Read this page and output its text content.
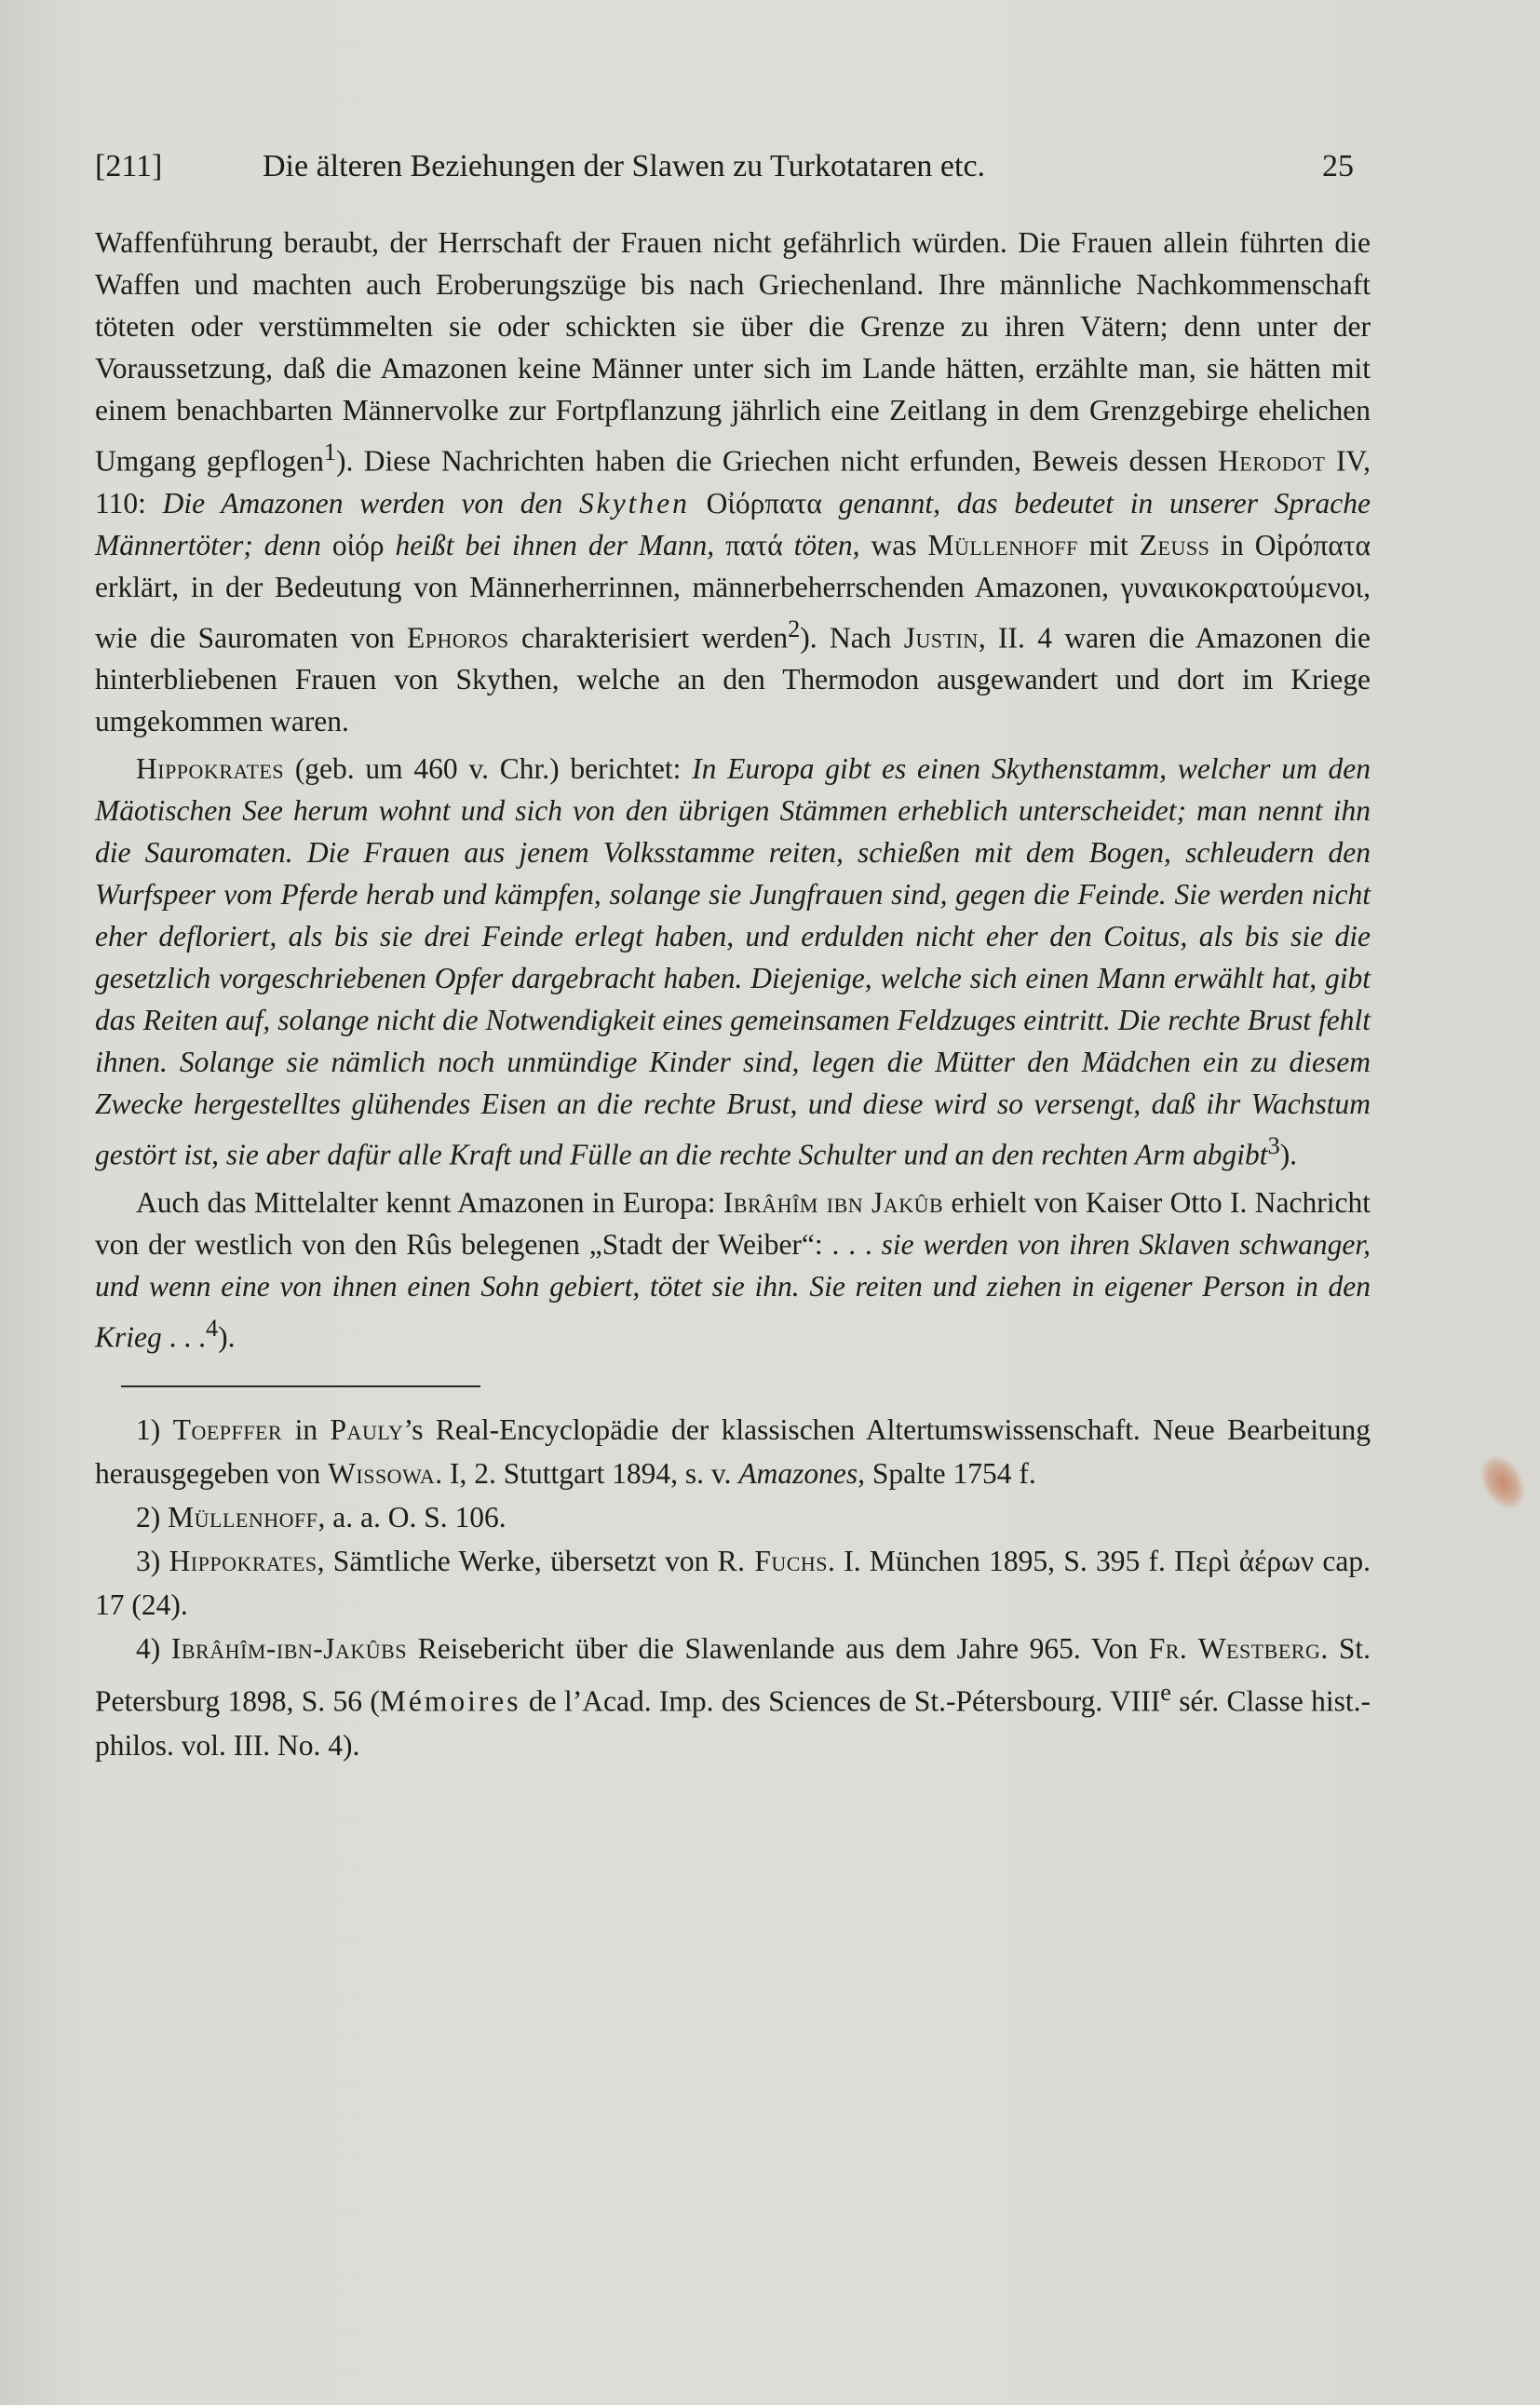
[211]	Die älteren Beziehungen der Slawen zu Turkotataren etc.	25

Waffenführung beraubt, der Herrschaft der Frauen nicht gefährlich würden. Die Frauen allein führten die Waffen und machten auch Eroberungszüge bis nach Griechenland. Ihre männliche Nachkommenschaft töteten oder verstümmelten sie oder schickten sie über die Grenze zu ihren Vätern; denn unter der Voraussetzung, daß die Amazonen keine Männer unter sich im Lande hätten, erzählte man, sie hätten mit einem benachbarten Männervolke zur Fortpflanzung jährlich eine Zeitlang in dem Grenzgebirge ehelichen Umgang gepflogen$^1$). Diese Nachrichten haben die Griechen nicht erfunden, Beweis dessen Herodot IV, 110: Die Amazonen werden von den Skythen Οἰόρπατα genannt, das bedeutet in unserer Sprache Männertöter; denn οἰόρ heißt bei ihnen der Mann, πατά töten, was Müllenhoff mit Zeuss in Οἰρόπατα erklärt, in der Bedeutung von Männerherrinnen, männerbeherrschenden Amazonen, γυναικοκρατούμενοι, wie die Sauromaten von Ephoros charakterisiert werden$^2$). Nach Justin, II. 4 waren die Amazonen die hinterbliebenen Frauen von Skythen, welche an den Thermodon ausgewandert und dort im Kriege umgekommen waren.

Hippokrates (geb. um 460 v. Chr.) berichtet: In Europa gibt es einen Skythenstamm, welcher um den Mäotischen See herum wohnt und sich von den übrigen Stämmen erheblich unterscheidet; man nennt ihn die Sauromaten. Die Frauen aus jenem Volksstamme reiten, schießen mit dem Bogen, schleudern den Wurfspeer vom Pferde herab und kämpfen, solange sie Jungfrauen sind, gegen die Feinde. Sie werden nicht eher defloriert, als bis sie drei Feinde erlegt haben, und erdulden nicht eher den Coitus, als bis sie die gesetzlich vorgeschriebenen Opfer dargebracht haben. Diejenige, welche sich einen Mann erwählt hat, gibt das Reiten auf, solange nicht die Notwendigkeit eines gemeinsamen Feldzuges eintritt. Die rechte Brust fehlt ihnen. Solange sie nämlich noch unmündige Kinder sind, legen die Mütter den Mädchen ein zu diesem Zwecke hergestelltes glühendes Eisen an die rechte Brust, und diese wird so versengt, daß ihr Wachstum gestört ist, sie aber dafür alle Kraft und Fülle an die rechte Schulter und an den rechten Arm abgibt$^3$).

Auch das Mittelalter kennt Amazonen in Europa: Ibrâhîm ibn Jakûb erhielt von Kaiser Otto I. Nachricht von der westlich von den Rûs belegenen „Stadt der Weiber“: . . . sie werden von ihren Sklaven schwanger, und wenn eine von ihnen einen Sohn gebiert, tötet sie ihn. Sie reiten und ziehen in eigener Person in den Krieg . . .$^4$).

1) Toepffer in Pauly’s Real-Encyclopädie der klassischen Altertumswissenschaft. Neue Bearbeitung herausgegeben von Wissowa. I, 2. Stuttgart 1894, s. v. Amazones, Spalte 1754 f.

2) Müllenhoff, a. a. O. S. 106.

3) Hippokrates, Sämtliche Werke, übersetzt von R. Fuchs. I. München 1895, S. 395 f. Περὶ ἀέρων cap. 17 (24).

4) Ibrâhîm-ibn-Jakûbs Reisebericht über die Slawenlande aus dem Jahre 965. Von Fr. Westberg. St. Petersburg 1898, S. 56 (Mémoires de l’Acad. Imp. des Sciences de St.-Pétersbourg. VIIIe sér. Classe hist.-philos. vol. III. No. 4).
